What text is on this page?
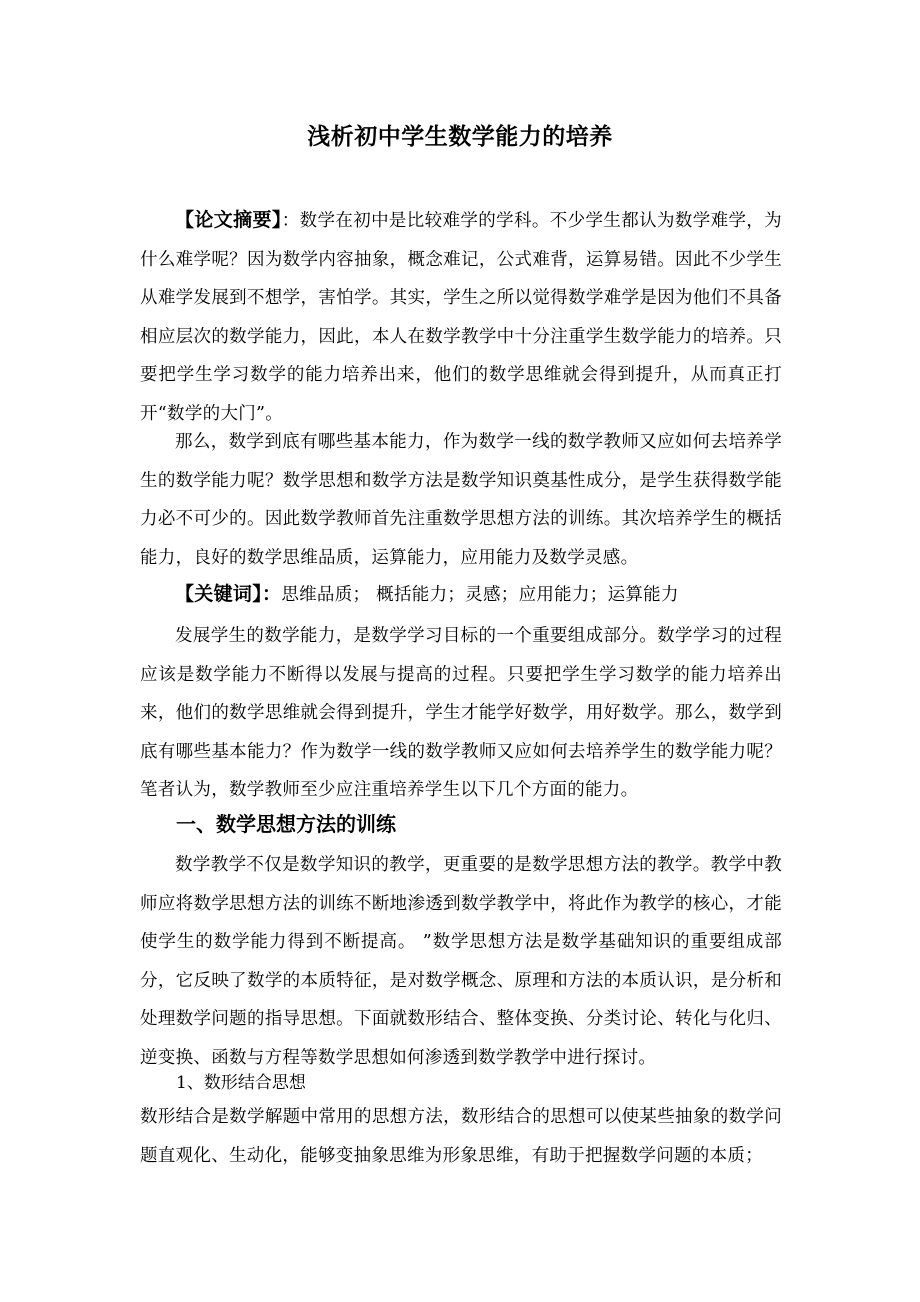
浅析初中学生数学能力的培养
【论文摘要】：数学在初中是比较难学的学科。不少学生都认为数学难学，为什么难学呢？因为数学内容抽象，概念难记，公式难背，运算易错。因此不少学生从难学发展到不想学，害怕学。其实，学生之所以觉得数学难学是因为他们不具备相应层次的数学能力，因此，本人在数学教学中十分注重学生数学能力的培养。只要把学生学习数学的能力培养出来，他们的数学思维就会得到提升，从而真正打开“数学的大门”。
那么，数学到底有哪些基本能力，作为数学一线的数学教师又应如何去培养学生的数学能力呢？数学思想和数学方法是数学知识奠基性成分，是学生获得数学能力必不可少的。因此数学教师首先注重数学思想方法的训练。其次培养学生的概括能力，良好的数学思维品质，运算能力，应用能力及数学灵感。
【关键词】：思维品质； 概括能力；灵感；应用能力；运算能力
发展学生的数学能力，是数学学习目标的一个重要组成部分。数学学习的过程应该是数学能力不断得以发展与提高的过程。只要把学生学习数学的能力培养出来，他们的数学思维就会得到提升，学生才能学好数学，用好数学。那么，数学到底有哪些基本能力？作为数学一线的数学教师又应如何去培养学生的数学能力呢？笔者认为，数学教师至少应注重培养学生以下几个方面的能力。
一、数学思想方法的训练
数学教学不仅是数学知识的教学，更重要的是数学思想方法的教学。教学中教师应将数学思想方法的训练不断地渗透到数学教学中，将此作为教学的核心，才能使学生的数学能力得到不断提高。 ”数学思想方法是数学基础知识的重要组成部分，它反映了数学的本质特征，是对数学概念、原理和方法的本质认识，是分析和处理数学问题的指导思想。下面就数形结合、整体变换、分类讨论、转化与化归、逆变换、函数与方程等数学思想如何渗透到数学教学中进行探讨。
1、数形结合思想
数形结合是数学解题中常用的思想方法，数形结合的思想可以使某些抽象的数学问题直观化、生动化，能够变抽象思维为形象思维，有助于把握数学问题的本质；
